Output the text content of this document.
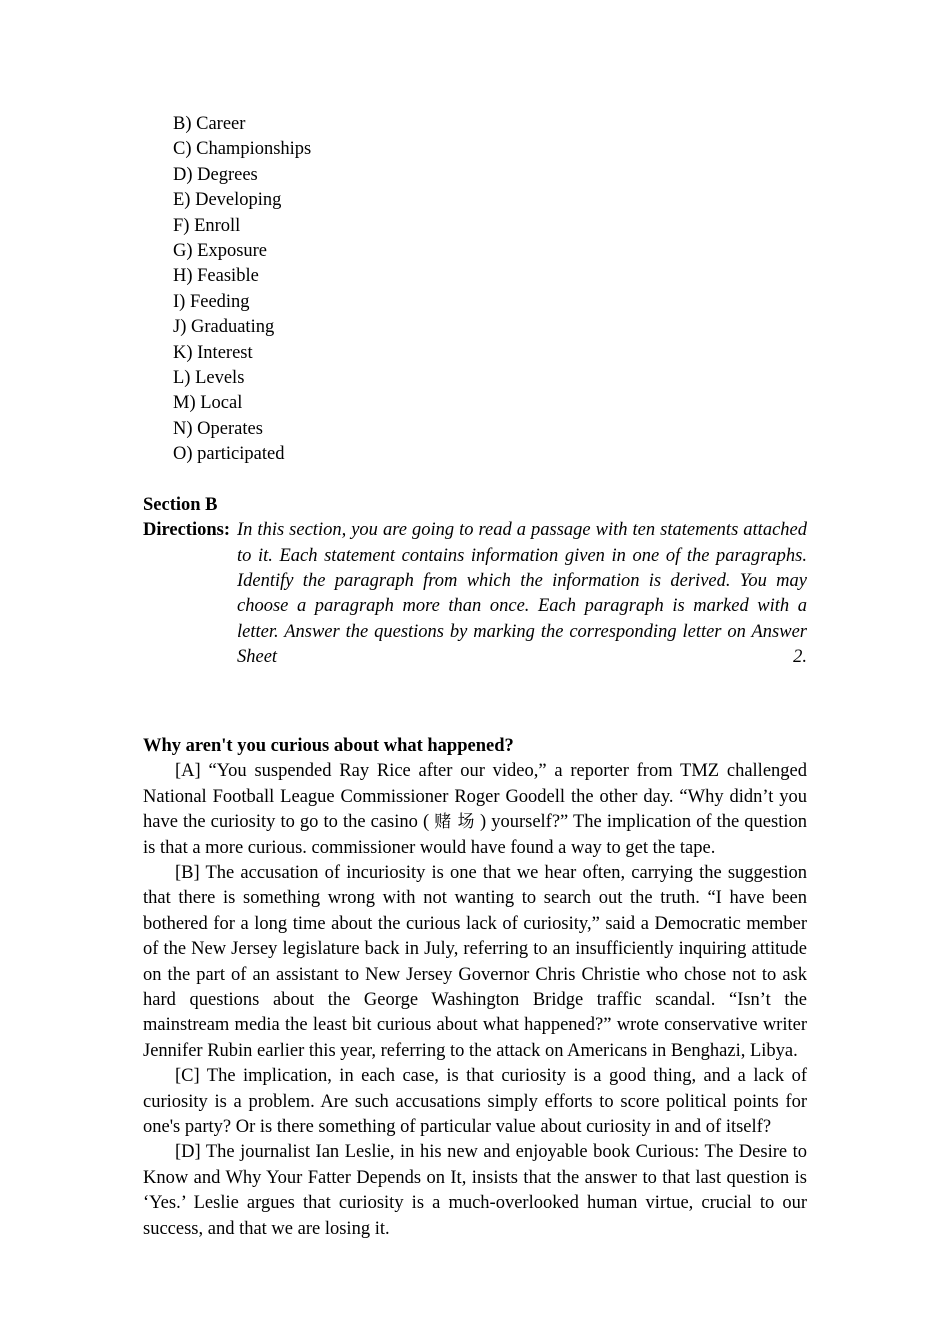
B) Career
C) Championships
D) Degrees
E) Developing
F) Enroll
G) Exposure
H) Feasible
I) Feeding
J) Graduating
K) Interest
L) Levels
M) Local
N) Operates
O) participated
Section B
Directions: In this section, you are going to read a passage with ten statements attached to it. Each statement contains information given in one of the paragraphs. Identify the paragraph from which the information is derived. You may choose a paragraph more than once. Each paragraph is marked with a letter. Answer the questions by marking the corresponding letter on Answer Sheet 2.
Why aren't you curious about what happened?

[A] “You suspended Ray Rice after our video,” a reporter from TMZ challenged National Football League Commissioner Roger Goodell the other day. “Why didn’t you have the curiosity to go to the casino ( 赌 场 ) yourself?” The implication of the question is that a more curious. commissioner would have found a way to get the tape.

[B] The accusation of incuriosity is one that we hear often, carrying the suggestion that there is something wrong with not wanting to search out the truth. “I have been bothered for a long time about the curious lack of curiosity,” said a Democratic member of the New Jersey legislature back in July, referring to an insufficiently inquiring attitude on the part of an assistant to New Jersey Governor Chris Christie who chose not to ask hard questions about the George Washington Bridge traffic scandal. “Isn’t the mainstream media the least bit curious about what happened?” wrote conservative writer Jennifer Rubin earlier this year, referring to the attack on Americans in Benghazi, Libya.

[C] The implication, in each case, is that curiosity is a good thing, and a lack of curiosity is a problem. Are such accusations simply efforts to score political points for one's party? Or is there something of particular value about curiosity in and of itself?

[D] The journalist Ian Leslie, in his new and enjoyable book Curious: The Desire to Know and Why Your Fatter Depends on It, insists that the answer to that last question is ‘Yes.’ Leslie argues that curiosity is a much-overlooked human virtue, crucial to our success, and that we are losing it.
